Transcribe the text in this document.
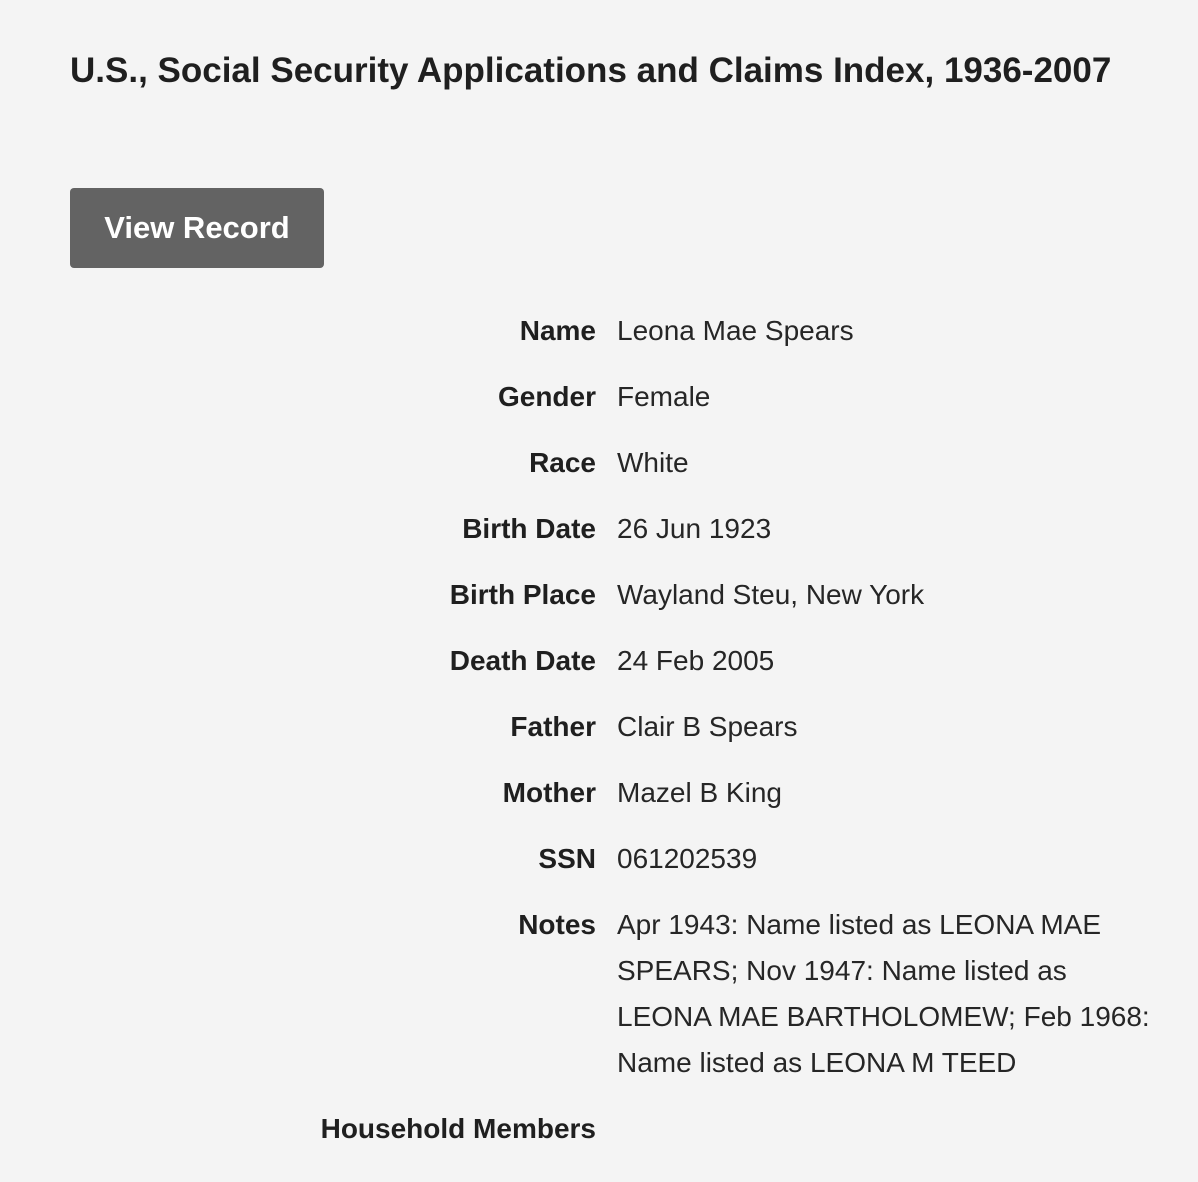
U.S., Social Security Applications and Claims Index, 1936-2007
View Record
Name Leona Mae Spears
Gender Female
Race White
Birth Date 26 Jun 1923
Birth Place Wayland Steu, New York
Death Date 24 Feb 2005
Father Clair B Spears
Mother Mazel B King
SSN 061202539
Notes Apr 1943: Name listed as LEONA MAE SPEARS; Nov 1947: Name listed as LEONA MAE BARTHOLOMEW; Feb 1968: Name listed as LEONA M TEED
Household Members
